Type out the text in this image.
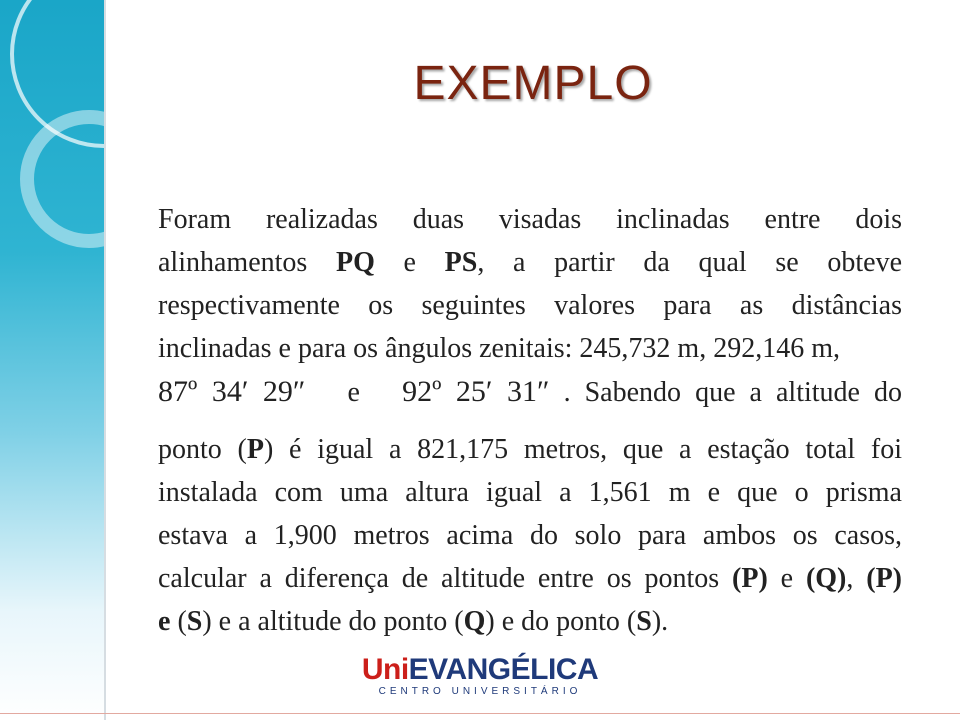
EXEMPLO
Foram realizadas duas visadas inclinadas entre dois
alinhamentos PQ e PS, a partir da qual se obteve
respectivamente os seguintes valores para as distâncias
inclinadas e para os ângulos zenitais: 245,732 m, 292,146 m,
87º 34′ 29″ e 92º 25′ 31″ . Sabendo que a altitude do
ponto (P) é igual a 821,175 metros, que a estação total foi
instalada com uma altura igual a 1,561 m e que o prisma
estava a 1,900 metros acima do solo para ambos os casos,
calcular a diferença de altitude entre os pontos (P) e (Q), (P)
e (S) e a altitude do ponto (Q) e do ponto (S).
UniEVANGÉLICA
CENTRO UNIVERSITÁRIO
